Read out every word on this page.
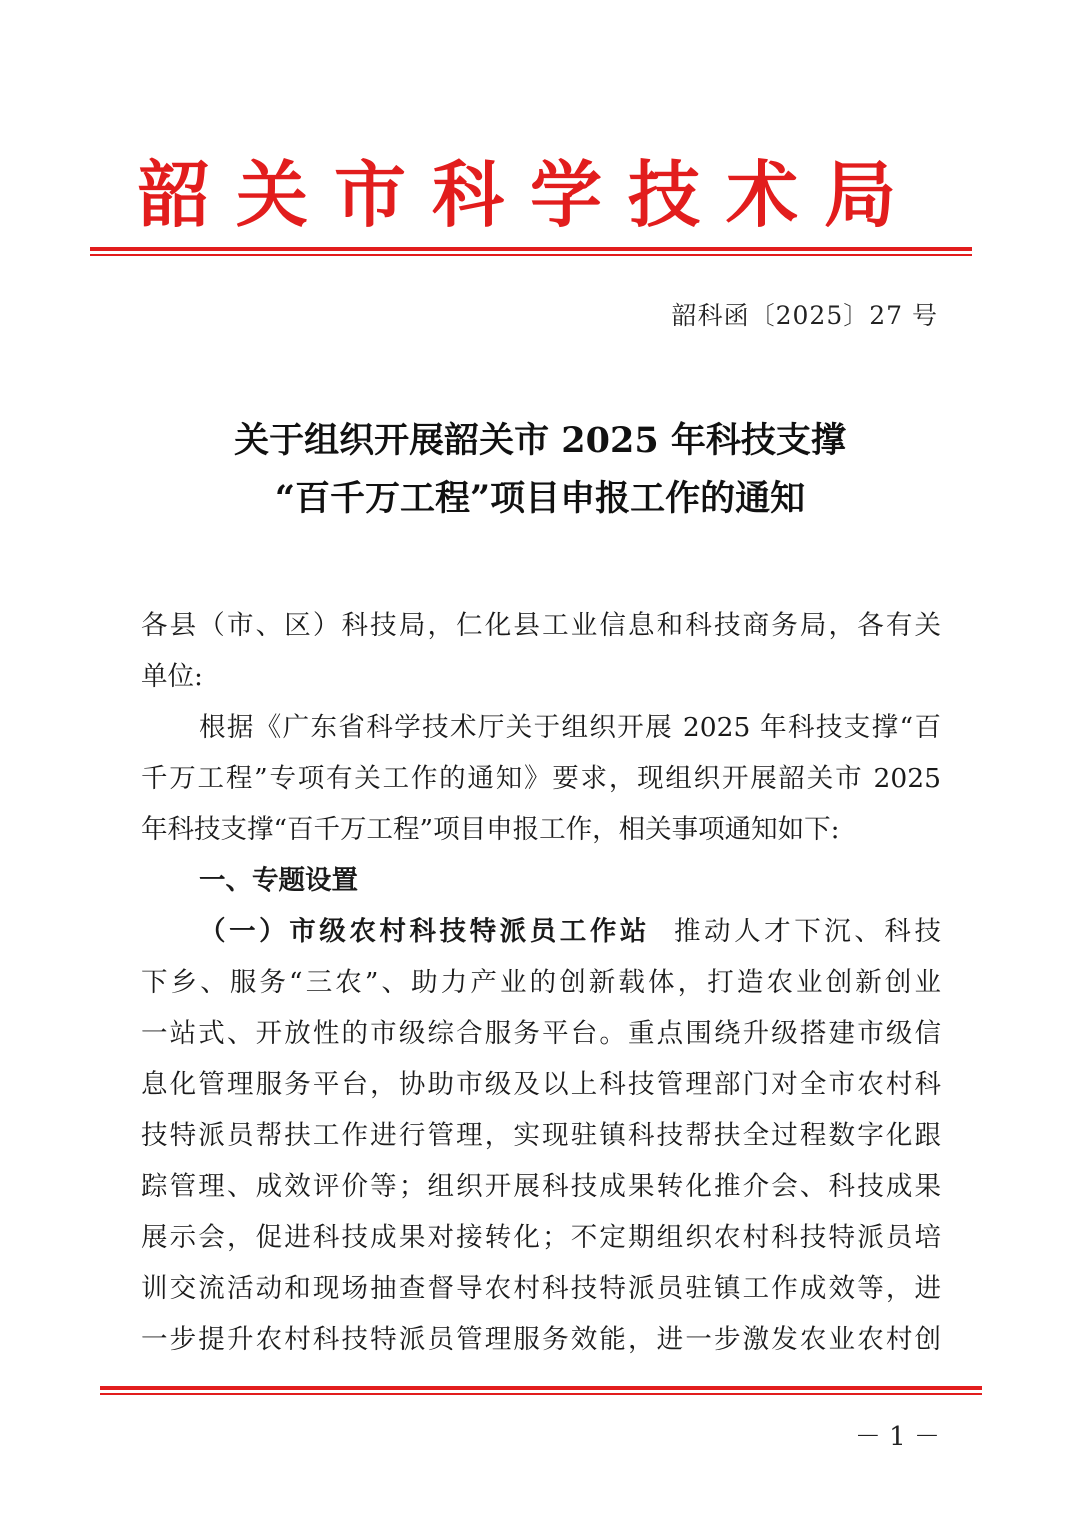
韶关市科学技术局
韶科函〔2025〕27 号
关于组织开展韶关市 2025 年科技支撑
“百千万工程”项目申报工作的通知

各县（市、区）科技局，仁化县工业信息和科技商务局，各有关

单位:

根据《广东省科学技术厅关于组织开展 2025 年科技支撑“百

千万工程”专项有关工作的通知》要求，现组织开展韶关市 2025

年科技支撑“百千万工程”项目申报工作，相关事项通知如下:

一、专题设置

（一）市级农村科技特派员工作站 推动人才下沉、科技

下乡、服务“三农”、助力产业的创新载体，打造农业创新创业

一站式、开放性的市级综合服务平台。重点围绕升级搭建市级信

息化管理服务平台，协助市级及以上科技管理部门对全市农村科

技特派员帮扶工作进行管理，实现驻镇科技帮扶全过程数字化跟

踪管理、成效评价等；组织开展科技成果转化推介会、科技成果

展示会，促进科技成果对接转化；不定期组织农村科技特派员培

训交流活动和现场抽查督导农村科技特派员驻镇工作成效等，进

一步提升农村科技特派员管理服务效能，进一步激发农业农村创

－ 1 －
